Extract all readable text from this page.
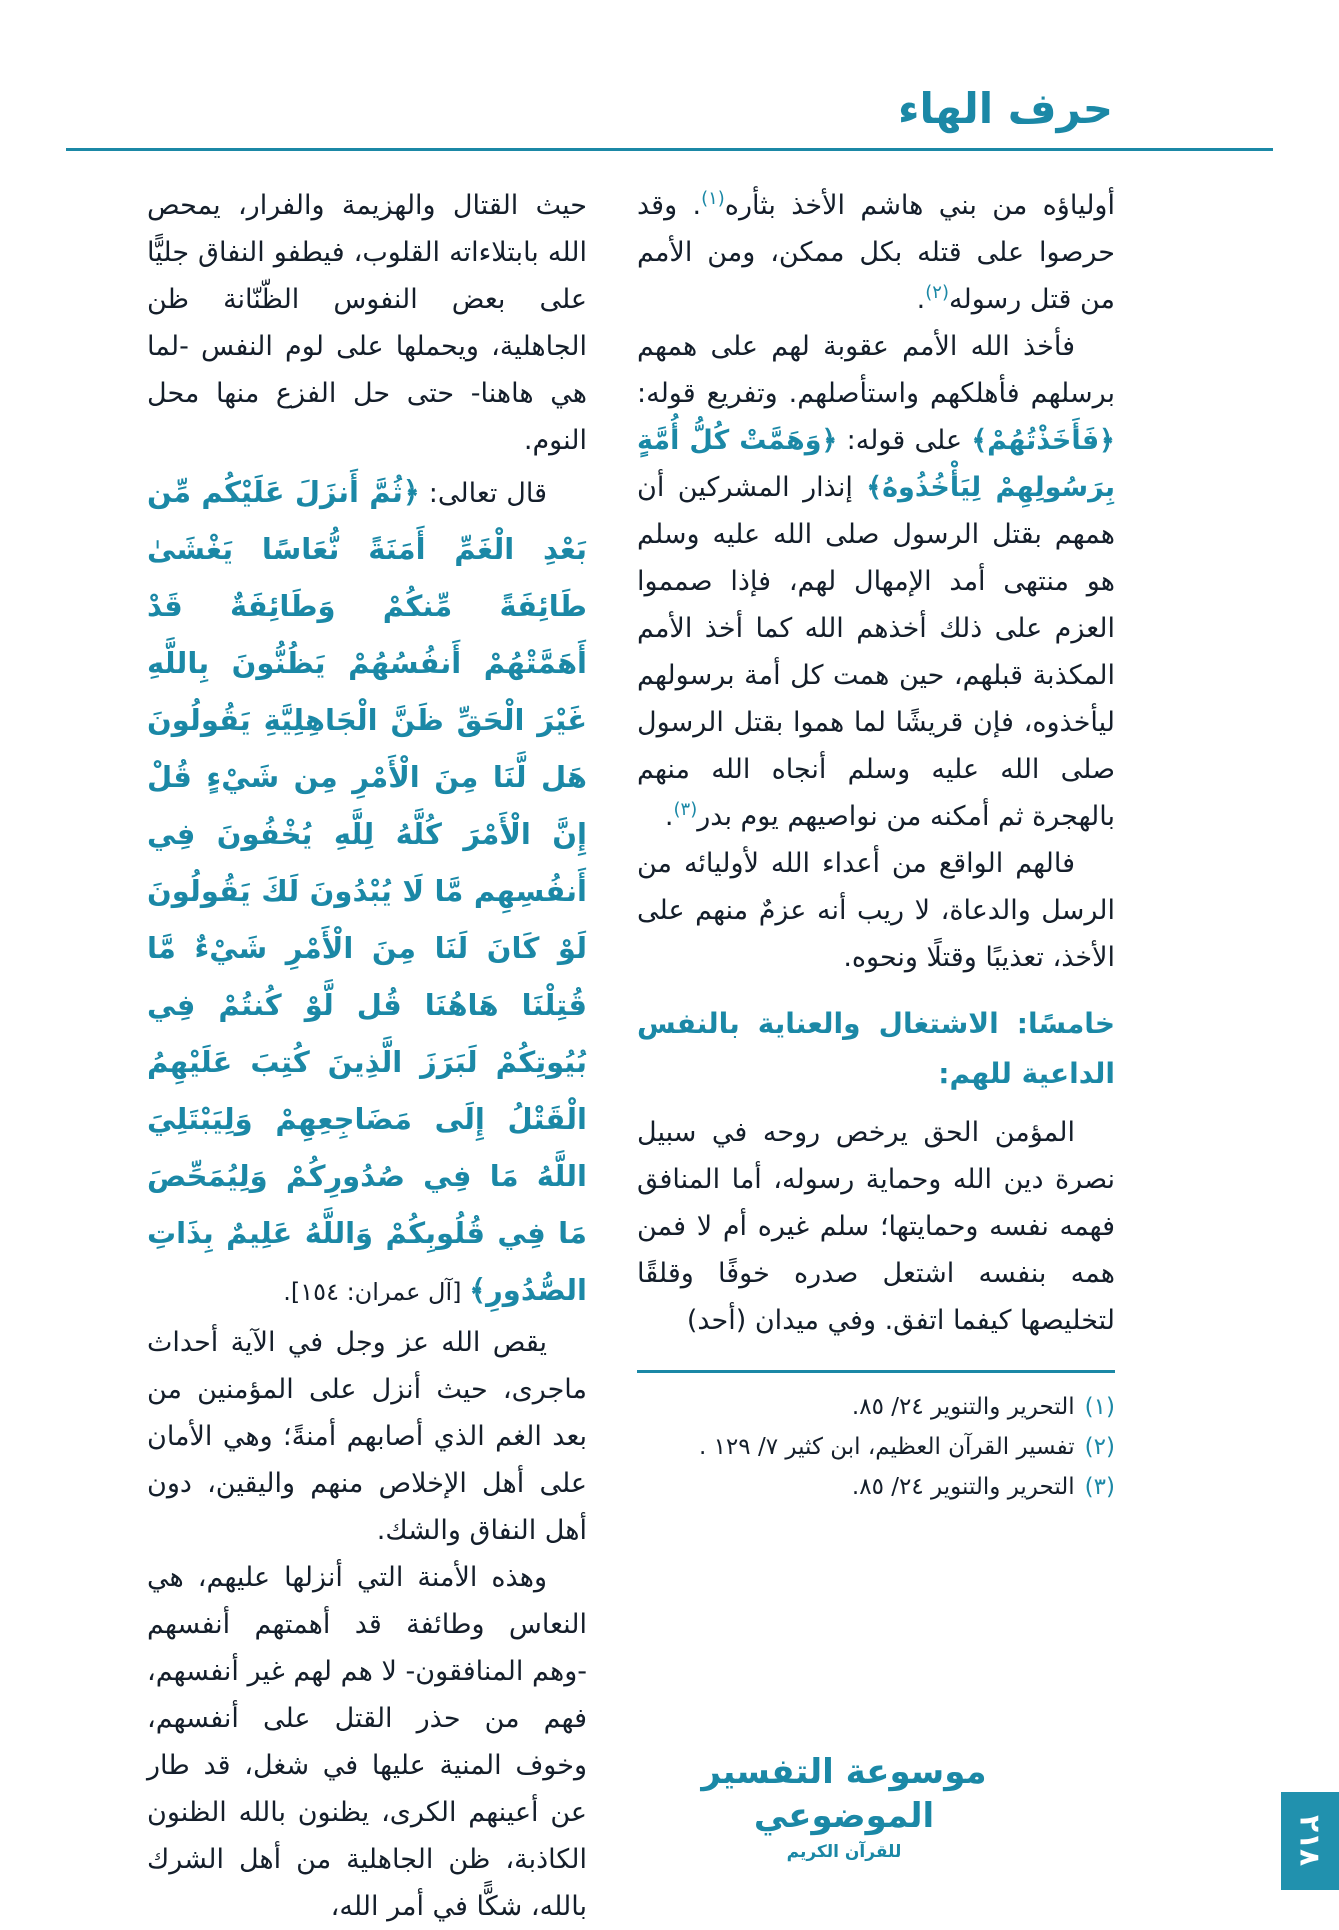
حرف الهاء

أولياؤه من بني هاشم الأخذ بثأره$^{(١)}$. وقد حرصوا على قتله بكل ممكن، ومن الأمم من قتل رسوله$^{(٢)}$.

فأخذ الله الأمم عقوبة لهم على همهم برسلهم فأهلكهم واستأصلهم. وتفريع قوله: ﴿فَأَخَذْتُهُمْ﴾ على قوله: ﴿وَهَمَّتْ كُلُّ أُمَّةٍ بِرَسُولِهِمْ لِيَأْخُذُوهُ﴾ إنذار المشركين أن همهم بقتل الرسول صلى الله عليه وسلم هو منتهى أمد الإمهال لهم، فإذا صمموا العزم على ذلك أخذهم الله كما أخذ الأمم المكذبة قبلهم، حين همت كل أمة برسولهم ليأخذوه، فإن قريشًا لما هموا بقتل الرسول صلى الله عليه وسلم أنجاه الله منهم بالهجرة ثم أمكنه من نواصيهم يوم بدر$^{(٣)}$.

فالهم الواقع من أعداء الله لأوليائه من الرسل والدعاة، لا ريب أنه عزمٌ منهم على الأخذ، تعذيبًا وقتلًا ونحوه.

خامسًا: الاشتغال والعناية بالنفس الداعية للهم:

المؤمن الحق يرخص روحه في سبيل نصرة دين الله وحماية رسوله، أما المنافق فهمه نفسه وحمايتها؛ سلم غيره أم لا فمن همه بنفسه اشتعل صدره خوفًا وقلقًا لتخليصها كيفما اتفق. وفي ميدان (أحد)

(١)
التحرير والتنوير ٢٤/ ٨٥.
(٢)
تفسير القرآن العظيم، ابن كثير ٧/ ١٢٩ .
(٣)
التحرير والتنوير ٢٤/ ٨٥.

حيث القتال والهزيمة والفرار، يمحص الله بابتلاءاته القلوب، فيطفو النفاق جليًّا على بعض النفوس الظّنّانة ظن الجاهلية، ويحملها على لوم النفس -لما هي هاهنا- حتى حل الفزع منها محل النوم.

قال تعالى: ﴿ثُمَّ أَنزَلَ عَلَيْكُم مِّن بَعْدِ الْغَمِّ أَمَنَةً نُّعَاسًا يَغْشَىٰ طَائِفَةً مِّنكُمْ وَطَائِفَةٌ قَدْ أَهَمَّتْهُمْ أَنفُسُهُمْ يَظُنُّونَ بِاللَّهِ غَيْرَ الْحَقِّ ظَنَّ الْجَاهِلِيَّةِ يَقُولُونَ هَل لَّنَا مِنَ الْأَمْرِ مِن شَيْءٍ قُلْ إِنَّ الْأَمْرَ كُلَّهُ لِلَّهِ يُخْفُونَ فِي أَنفُسِهِم مَّا لَا يُبْدُونَ لَكَ يَقُولُونَ لَوْ كَانَ لَنَا مِنَ الْأَمْرِ شَيْءٌ مَّا قُتِلْنَا هَاهُنَا قُل لَّوْ كُنتُمْ فِي بُيُوتِكُمْ لَبَرَزَ الَّذِينَ كُتِبَ عَلَيْهِمُ الْقَتْلُ إِلَى مَضَاجِعِهِمْ وَلِيَبْتَلِيَ اللَّهُ مَا فِي صُدُورِكُمْ وَلِيُمَحِّصَ مَا فِي قُلُوبِكُمْ وَاللَّهُ عَلِيمٌ بِذَاتِ الصُّدُورِ﴾ [آل عمران: ١٥٤].

يقص الله عز وجل في الآية أحداث ماجرى، حيث أنزل على المؤمنين من بعد الغم الذي أصابهم أمنةً؛ وهي الأمان على أهل الإخلاص منهم واليقين، دون أهل النفاق والشك.

وهذه الأمنة التي أنزلها عليهم، هي النعاس وطائفة قد أهمتهم أنفسهم -وهم المنافقون- لا هم لهم غير أنفسهم، فهم من حذر القتل على أنفسهم، وخوف المنية عليها في شغل، قد طار عن أعينهم الكرى، يظنون بالله الظنون الكاذبة، ظن الجاهلية من أهل الشرك بالله، شكًّا في أمر الله،

موسوعة التفسير الموضوعي
للقرآن الكريم	٢١٨
